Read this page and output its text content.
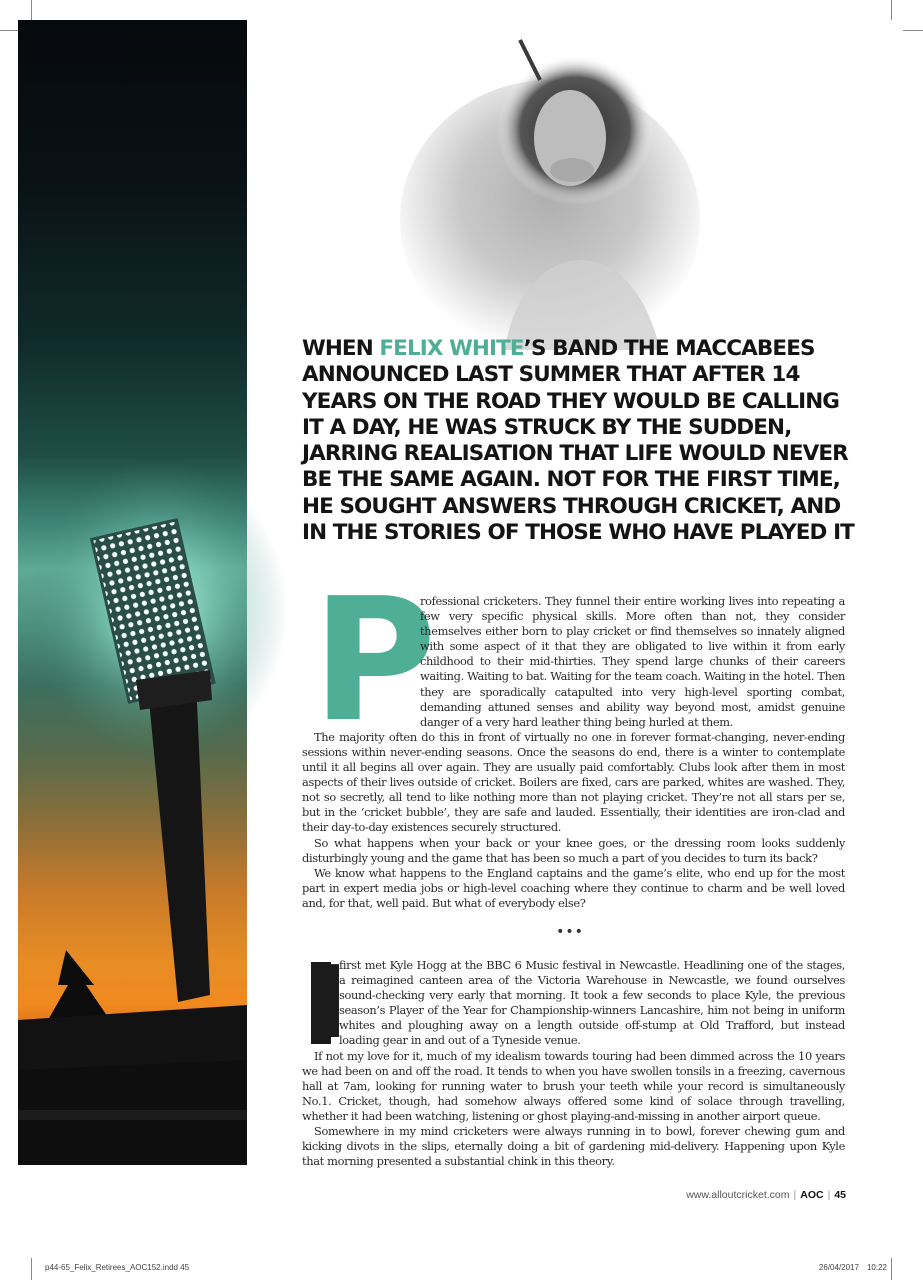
WHEN FELIX WHITE’S BAND THE MACCABEES ANNOUNCED LAST SUMMER THAT AFTER 14 YEARS ON THE ROAD THEY WOULD BE CALLING IT A DAY, HE WAS STRUCK BY THE SUDDEN, JARRING REALISATION THAT LIFE WOULD NEVER BE THE SAME AGAIN. NOT FOR THE FIRST TIME, HE SOUGHT ANSWERS THROUGH CRICKET, AND IN THE STORIES OF THOSE WHO HAVE PLAYED IT
P

rofessional cricketers. They funnel their entire working lives into repeating a few very specific physical skills. More often than not, they consider themselves either born to play cricket or find themselves so innately aligned with some aspect of it that they are obligated to live within it from early childhood to their mid-thirties. They spend large chunks of their careers waiting. Waiting to bat. Waiting for the team coach. Waiting in the hotel. Then they are sporadically catapulted into very high-level sporting combat, demanding attuned senses and ability way beyond most, amidst genuine danger of a very hard leather thing being hurled at them.

The majority often do this in front of virtually no one in forever format-changing, never-ending sessions within never-ending seasons. Once the seasons do end, there is a winter to contemplate until it all begins all over again. They are usually paid comfortably. Clubs look after them in most aspects of their lives outside of cricket. Boilers are fixed, cars are parked, whites are washed. They, not so secretly, all tend to like nothing more than not playing cricket. They’re not all stars per se, but in the ‘cricket bubble’, they are safe and lauded. Essentially, their identities are iron-clad and their day-to-day existences securely structured.

So what happens when your back or your knee goes, or the dressing room looks suddenly disturbingly young and the game that has been so much a part of you decides to turn its back?

We know what happens to the England captains and the game’s elite, who end up for the most part in expert media jobs or high-level coaching where they continue to charm and be well loved and, for that, well paid. But what of everybody else?

•••
I

first met Kyle Hogg at the BBC 6 Music festival in Newcastle. Headlining one of the stages, a reimagined canteen area of the Victoria Warehouse in Newcastle, we found ourselves sound-checking very early that morning. It took a few seconds to place Kyle, the previous season’s Player of the Year for Championship-winners Lancashire, him not being in uniform whites and ploughing away on a length outside off-stump at Old Trafford, but instead loading gear in and out of a Tyneside venue.

If not my love for it, much of my idealism towards touring had been dimmed across the 10 years we had been on and off the road. It tends to when you have swollen tonsils in a freezing, cavernous hall at 7am, looking for running water to brush your teeth while your record is simultaneously No.1. Cricket, though, had somehow always offered some kind of solace through travelling, whether it had been watching, listening or ghost playing-and-missing in another airport queue.

Somewhere in my mind cricketers were always running in to bowl, forever chewing gum and kicking divots in the slips, eternally doing a bit of gardening mid-delivery. Happening upon Kyle that morning presented a substantial chink in this theory.

www.alloutcricket.com | AOC | 45
p44-65_Felix_Retirees_AOC152.indd 45	26/04/2017 10:22
